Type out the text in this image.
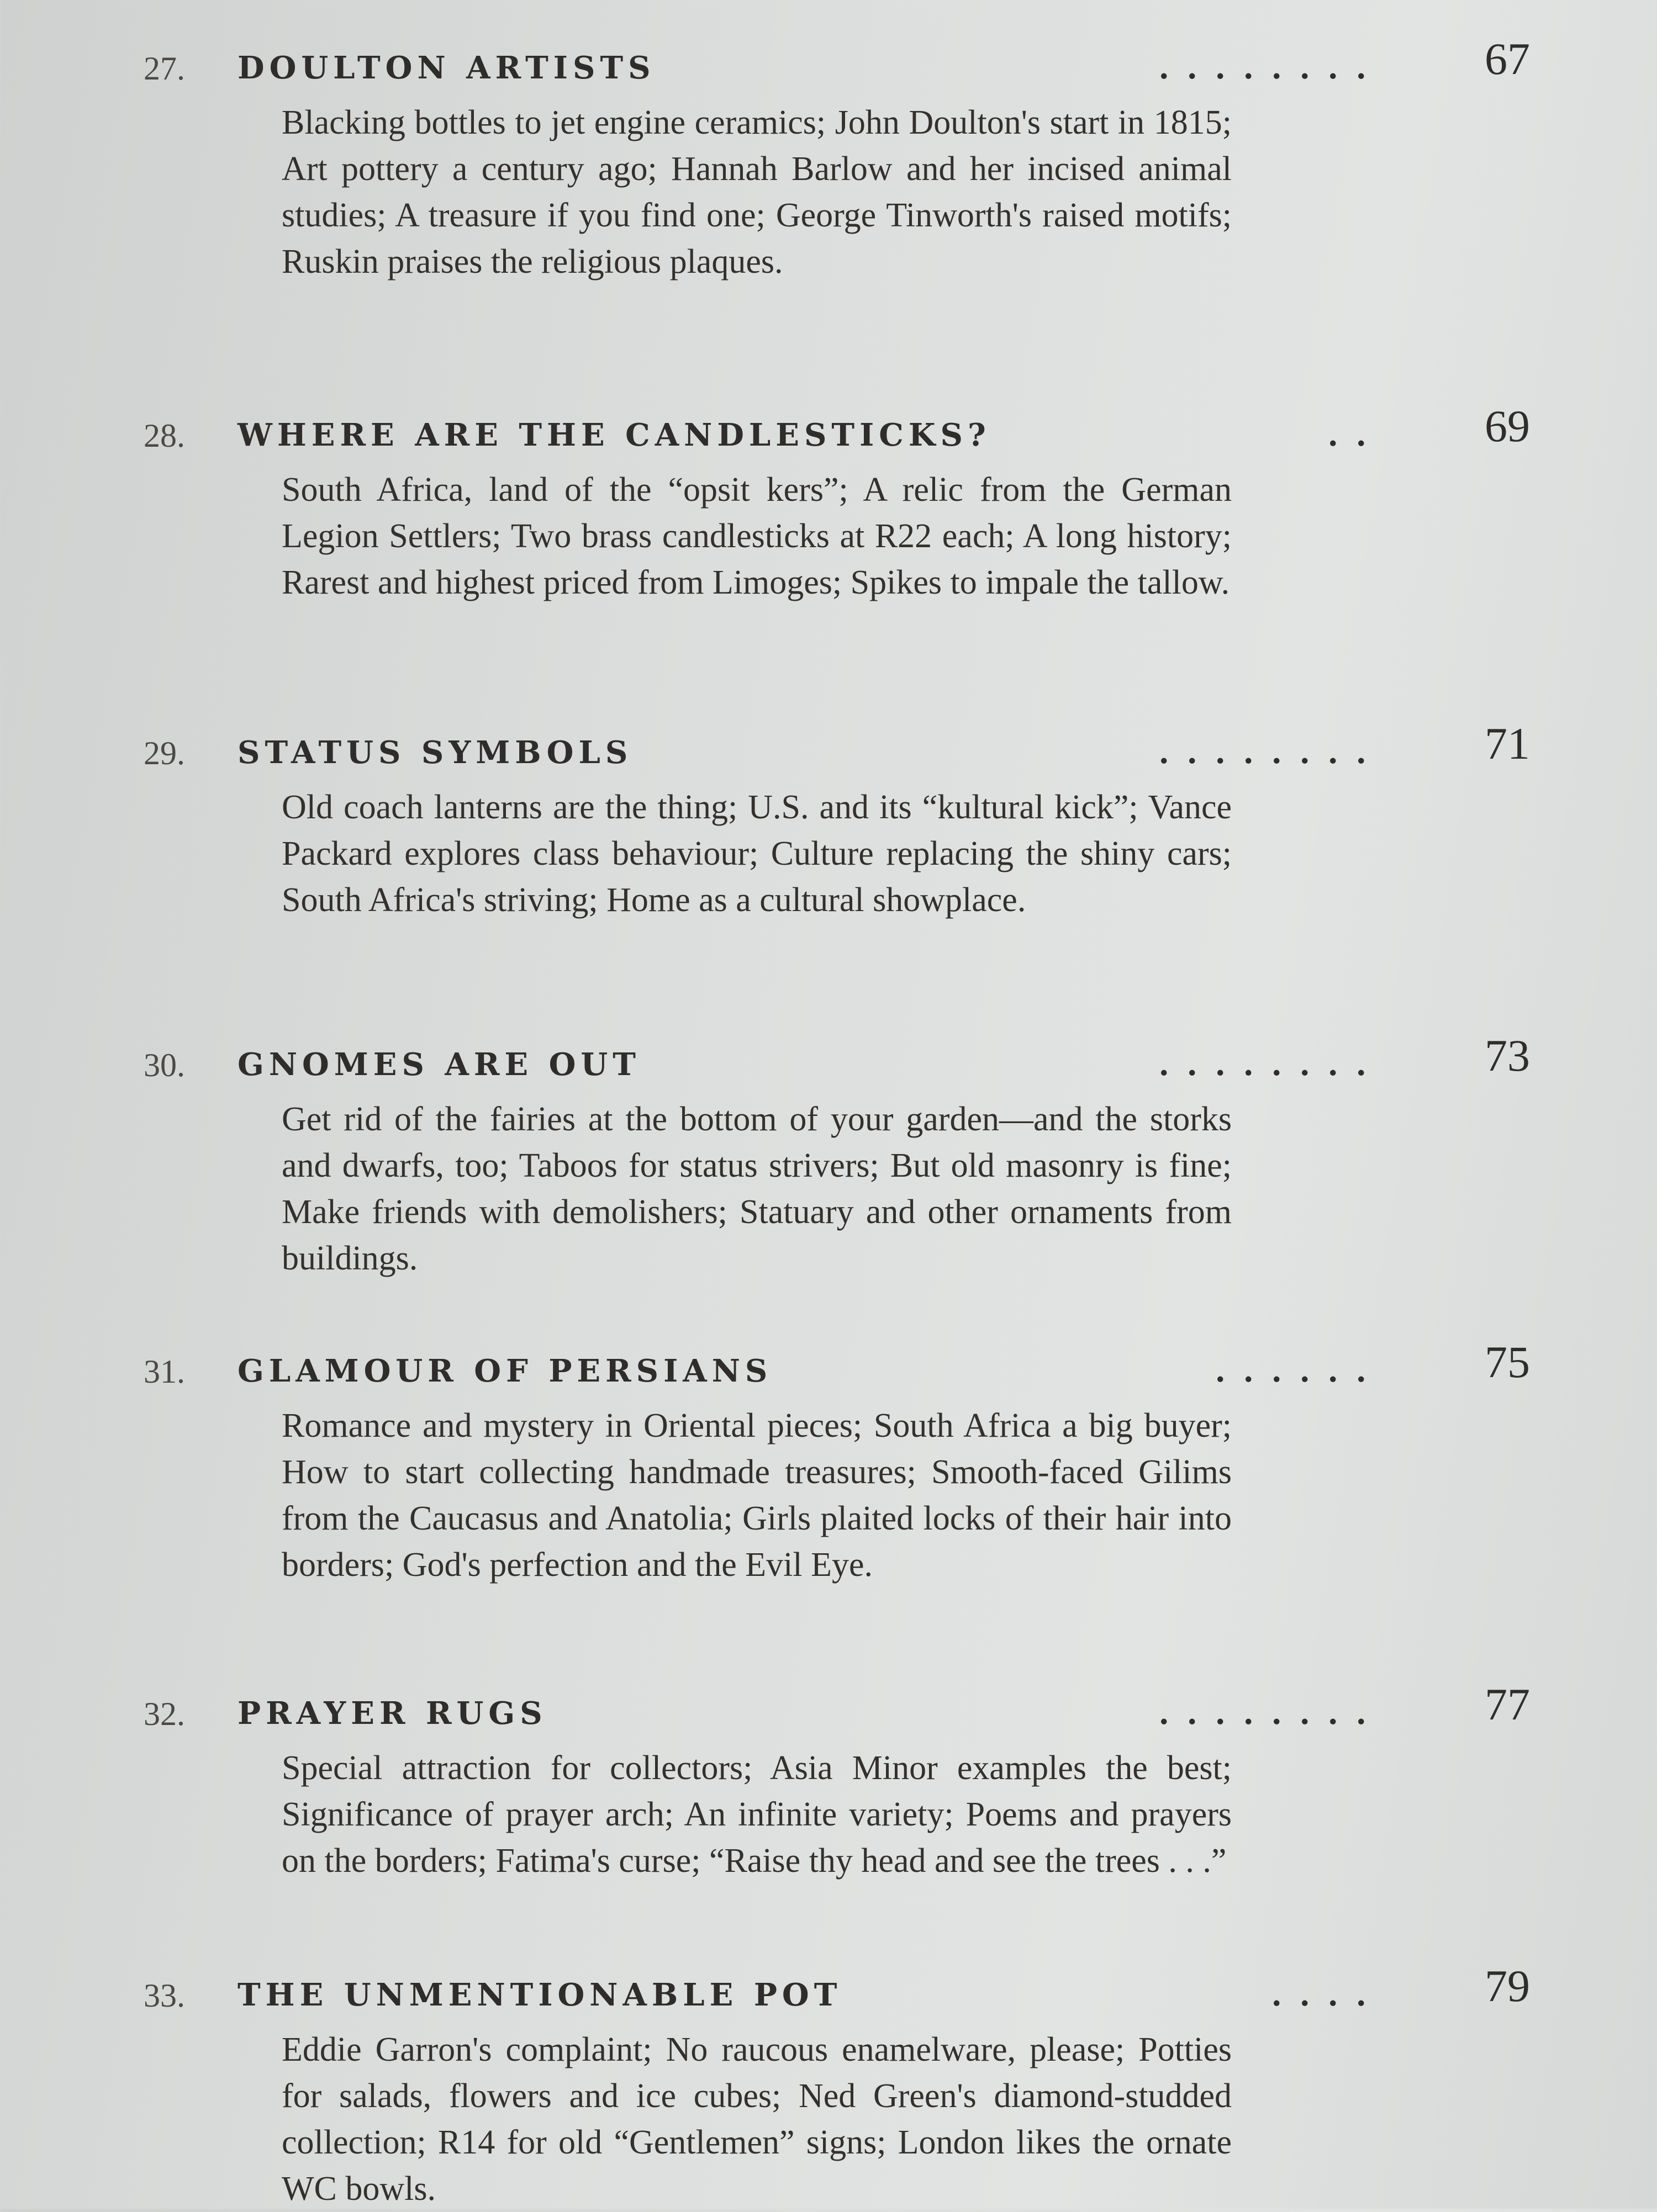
27. DOULTON ARTISTS	. . . . . . . .	67
Blacking bottles to jet engine ceramics; John Doulton's start in 1815; Art pottery a century ago; Hannah Barlow and her incised animal studies; A treasure if you find one; George Tinworth's raised motifs; Ruskin praises the religious plaques.
28. WHERE ARE THE CANDLESTICKS?	. .	69
South Africa, land of the “opsit kers”; A relic from the German Legion Settlers; Two brass candlesticks at R22 each; A long history; Rarest and highest priced from Limoges; Spikes to impale the tallow.
29. STATUS SYMBOLS	. . . . . . . .	71
Old coach lanterns are the thing; U.S. and its “kultural kick”; Vance Packard explores class behaviour; Culture replacing the shiny cars; South Africa's striving; Home as a cultural showplace.
30. GNOMES ARE OUT	. . . . . . . .	73
Get rid of the fairies at the bottom of your garden—and the storks and dwarfs, too; Taboos for status strivers; But old masonry is fine; Make friends with demolishers; Statuary and other ornaments from buildings.
31. GLAMOUR OF PERSIANS	. . . . . .	75
Romance and mystery in Oriental pieces; South Africa a big buyer; How to start collecting handmade treasures; Smooth-faced Gilims from the Caucasus and Anatolia; Girls plaited locks of their hair into borders; God's perfection and the Evil Eye.
32. PRAYER RUGS	. . . . . . . .	77
Special attraction for collectors; Asia Minor examples the best; Significance of prayer arch; An infinite variety; Poems and prayers on the borders; Fatima's curse; “Raise thy head and see the trees . . .”
33. THE UNMENTIONABLE POT	. . . .	79
Eddie Garron's complaint; No raucous enamelware, please; Potties for salads, flowers and ice cubes; Ned Green's diamond-studded collection; R14 for old “Gentlemen” signs; London likes the ornate WC bowls.
